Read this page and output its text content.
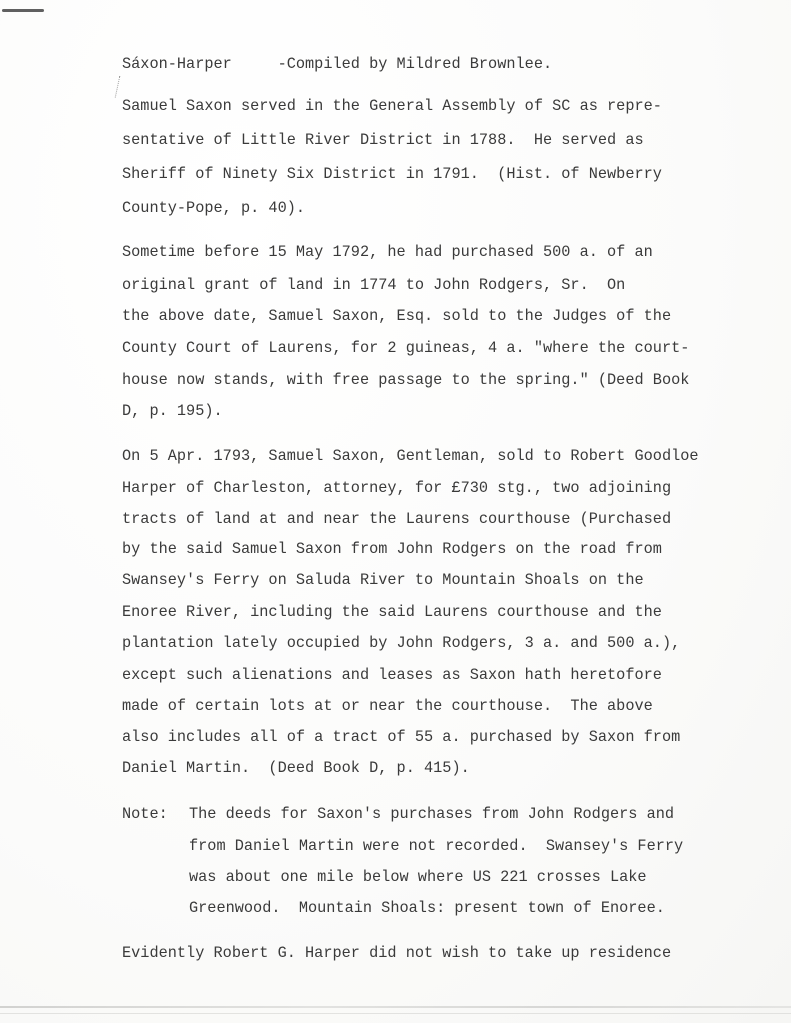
Sáxon-Harper     -Compiled by Mildred Brownlee.
Samuel Saxon served in the General Assembly of SC as repre-
sentative of Little River District in 1788.  He served as
Sheriff of Ninety Six District in 1791.  (Hist. of Newberry
County-Pope, p. 40).
Sometime before 15 May 1792, he had purchased 500 a. of an
original grant of land in 1774 to John Rodgers, Sr.  On
the above date, Samuel Saxon, Esq. sold to the Judges of the
County Court of Laurens, for 2 guineas, 4 a. "where the court-
house now stands, with free passage to the spring." (Deed Book
D, p. 195).
On 5 Apr. 1793, Samuel Saxon, Gentleman, sold to Robert Goodloe
Harper of Charleston, attorney, for £730 stg., two adjoining
tracts of land at and near the Laurens courthouse (Purchased
by the said Samuel Saxon from John Rodgers on the road from
Swansey's Ferry on Saluda River to Mountain Shoals on the
Enoree River, including the said Laurens courthouse and the
plantation lately occupied by John Rodgers, 3 a. and 500 a.),
except such alienations and leases as Saxon hath heretofore
made of certain lots at or near the courthouse.  The above
also includes all of a tract of 55 a. purchased by Saxon from
Daniel Martin.  (Deed Book D, p. 415).
Note: The deeds for Saxon's purchases from John Rodgers and
from Daniel Martin were not recorded.  Swansey's Ferry
was about one mile below where US 221 crosses Lake
Greenwood.  Mountain Shoals: present town of Enoree.
Evidently Robert G. Harper did not wish to take up residence
